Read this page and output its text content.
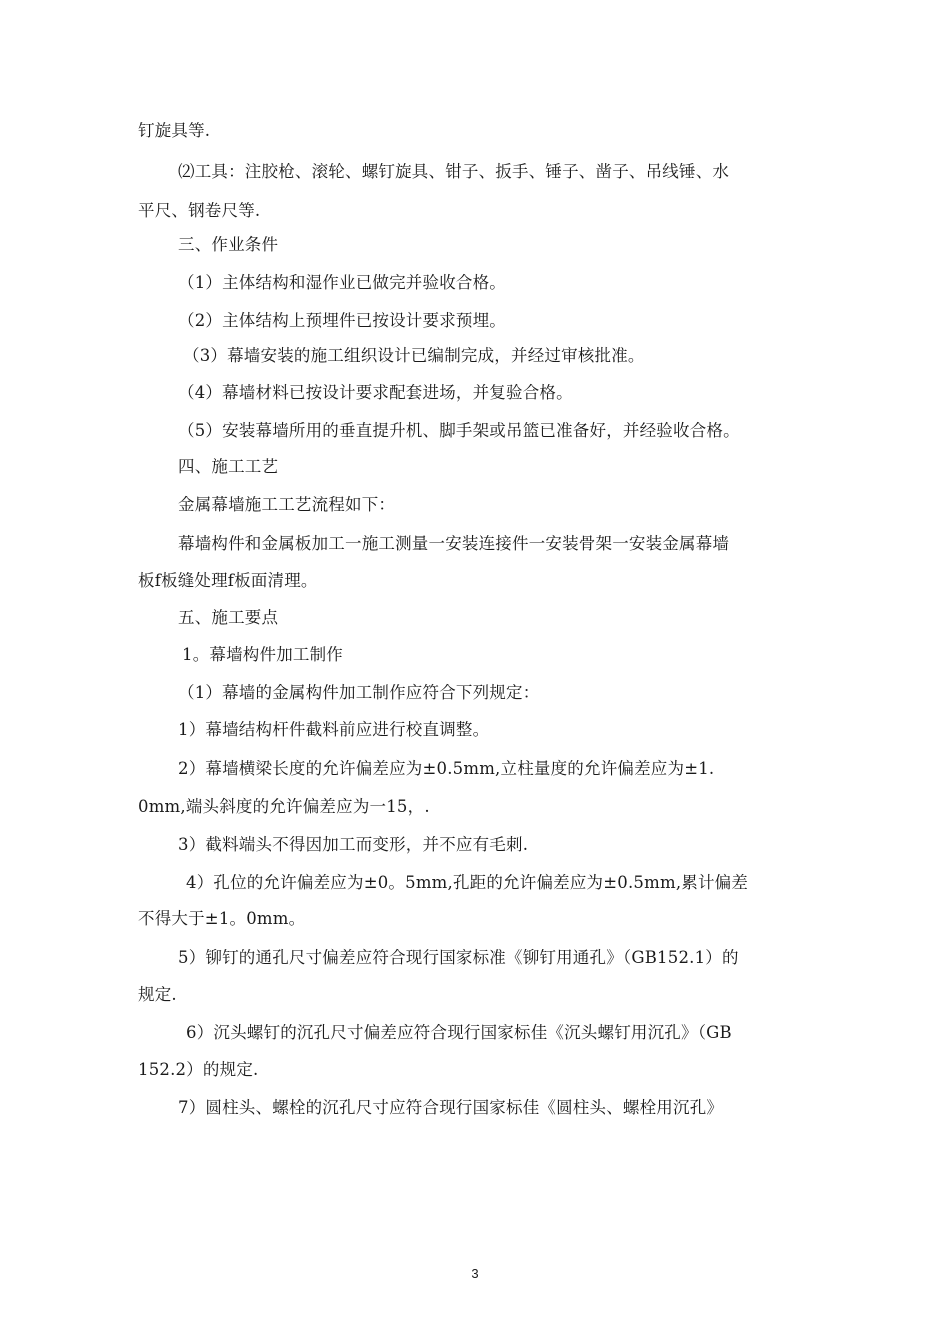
钉旋具等.
⑵工具：注胶枪、滚轮、螺钉旋具、钳子、扳手、锤子、凿子、吊线锤、水
平尺、钢卷尺等.
三、作业条件
（1）主体结构和湿作业已做完并验收合格。
（2）主体结构上预埋件已按设计要求预埋。
（3）幕墙安装的施工组织设计已编制完成，并经过审核批准。
（4）幕墙材料已按设计要求配套进场，并复验合格。
（5）安装幕墙所用的垂直提升机、脚手架或吊篮已准备好，并经验收合格。
四、施工工艺
金属幕墙施工工艺流程如下：
幕墙构件和金属板加工一施工测量一安装连接件一安装骨架一安装金属幕墙
板f板缝处理f板面清理。
五、施工要点
1。幕墙构件加工制作
（1）幕墙的金属构件加工制作应符合下列规定：
1）幕墙结构杆件截料前应进行校直调整。
2）幕墙横梁长度的允许偏差应为±0.5mm,立柱量度的允许偏差应为±1.
0mm,端头斜度的允许偏差应为一15，.
3）截料端头不得因加工而变形，并不应有毛刺.
4）孔位的允许偏差应为±0。5mm,孔距的允许偏差应为±0.5mm,累计偏差
不得大于±1。0mm。
5）铆钉的通孔尺寸偏差应符合现行国家标准《铆钉用通孔》（GB152.1）的
规定.
6）沉头螺钉的沉孔尺寸偏差应符合现行国家标佳《沉头螺钉用沉孔》（GB
152.2）的规定.
7）圆柱头、螺栓的沉孔尺寸应符合现行国家标佳《圆柱头、螺栓用沉孔》
3
